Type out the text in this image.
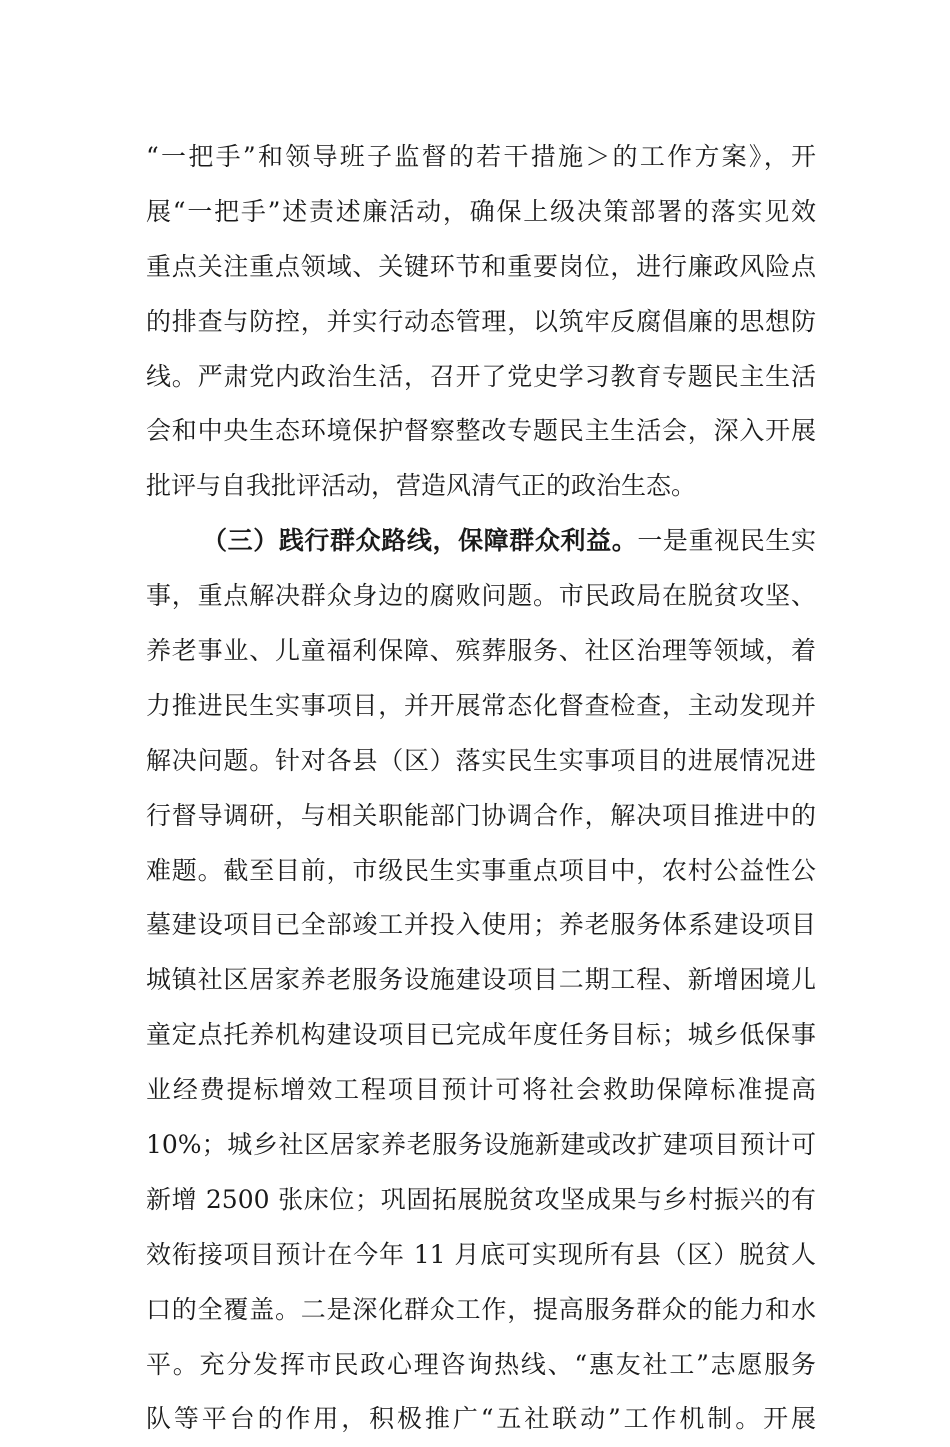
“一把手”和领导班子监督的若干措施＞的工作方案》，开
展“一把手”述责述廉活动，确保上级决策部署的落实见效
重点关注重点领域、关键环节和重要岗位，进行廉政风险点
的排查与防控，并实行动态管理，以筑牢反腐倡廉的思想防
线。严肃党内政治生活，召开了党史学习教育专题民主生活
会和中央生态环境保护督察整改专题民主生活会，深入开展
批评与自我批评活动，营造风清气正的政治生态。
（三）践行群众路线，保障群众利益。一是重视民生实
事，重点解决群众身边的腐败问题。市民政局在脱贫攻坚、
养老事业、儿童福利保障、殡葬服务、社区治理等领域，着
力推进民生实事项目，并开展常态化督查检查，主动发现并
解决问题。针对各县（区）落实民生实事项目的进展情况进
行督导调研，与相关职能部门协调合作，解决项目推进中的
难题。截至目前，市级民生实事重点项目中，农村公益性公
墓建设项目已全部竣工并投入使用；养老服务体系建设项目
城镇社区居家养老服务设施建设项目二期工程、新增困境儿
童定点托养机构建设项目已完成年度任务目标；城乡低保事
业经费提标增效工程项目预计可将社会救助保障标准提高
10%；城乡社区居家养老服务设施新建或改扩建项目预计可
新增 2500 张床位；巩固拓展脱贫攻坚成果与乡村振兴的有
效衔接项目预计在今年 11 月底可实现所有县（区）脱贫人
口的全覆盖。二是深化群众工作，提高服务群众的能力和水
平。充分发挥市民政心理咨询热线、“惠友社工”志愿服务
队等平台的作用，积极推广“五社联动”工作机制。开展
